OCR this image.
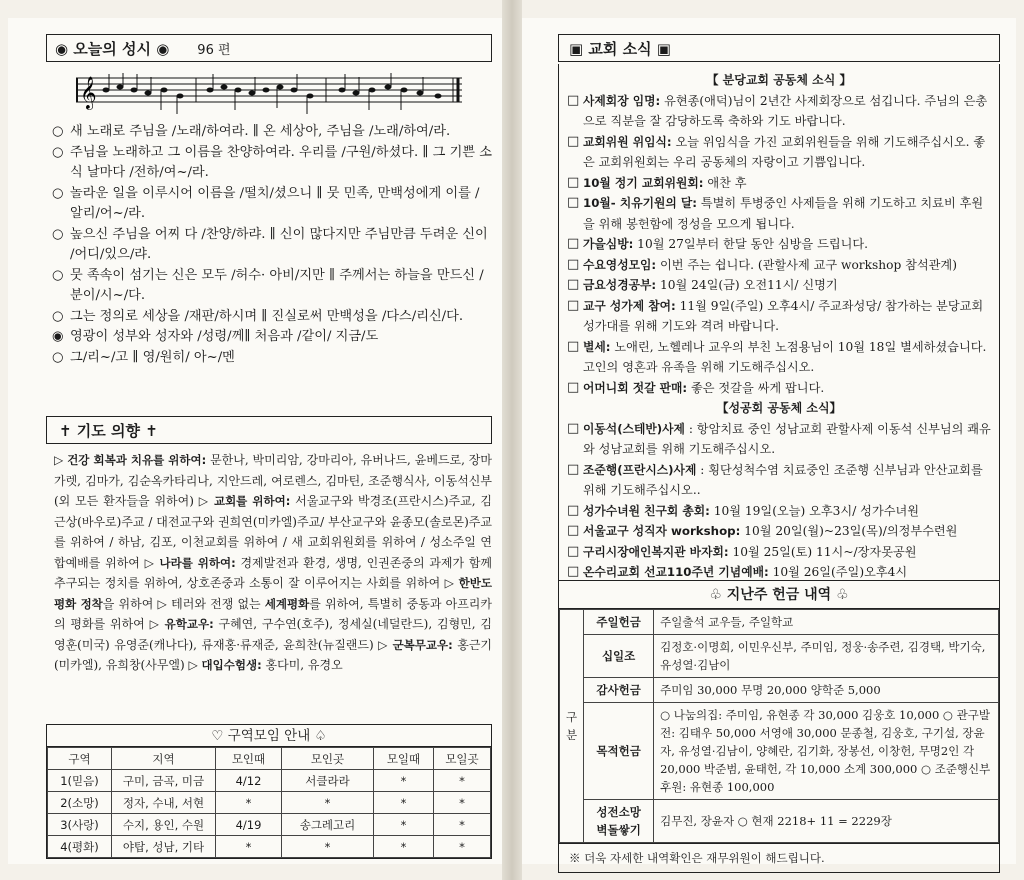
◉ 오늘의 성시 ◉ 96 편
𝄞
○ 새 노래로 주님을 /노래/하여라. ∥ 온 세상아, 주님을 /노래/하여/라.
○ 주님을 노래하고 그 이름을 찬양하여라. 우리를 /구원/하셨다. ∥ 그 기쁜 소식 날마다 /전하/여~/라.
○ 놀라운 일을 이루시어 이름을 /떨치/셨으니 ∥ 뭇 민족, 만백성에게 이를 /알리/어~/라.
○ 높으신 주님을 어찌 다 /찬양/하랴. ∥ 신이 많다지만 주님만큼 두려운 신이 /어디/있으/랴.
○ 뭇 족속이 섬기는 신은 모두 /허수· 아비/지만 ∥ 주께서는 하늘을 만드신 /분이/시~/다.
○ 그는 정의로 세상을 /재판/하시며 ∥ 진실로써 만백성을 /다스/리신/다.
◉ 영광이 성부와 성자와 /성령/께∥ 처음과 /같이/ 지금/도
○ 그/리~/고 ∥ 영/원히/ 아~/멘
✝ 기도 의향 ✝
▷ 건강 회복과 치유를 위하여: 문한나, 박미리암, 강마리아, 유버나드, 윤베드로, 장마가렛, 김마가, 김순옥카타리나, 지안드레, 여로렌스, 김마틴, 조준행식사, 이동석신부 (외 모든 환자들을 위하여) ▷ 교회를 위하여: 서울교구와 박경조(프란시스)주교, 김근상(바우로)주교 / 대전교구와 권희연(미카엘)주교/ 부산교구와 윤종모(솔로몬)주교를 위하여 / 하남, 김포, 이천교회를 위하여 / 새 교회위원회를 위하여 / 성소주일 연합예배를 위하여 ▷ 나라를 위하여: 경제발전과 환경, 생명, 인권존중의 과제가 함께 추구되는 정치를 위하여, 상호존중과 소통이 잘 이루어지는 사회를 위하여 ▷ 한반도 평화 정착을 위하여 ▷ 테러와 전쟁 없는 세계평화를 위하여, 특별히 중동과 아프리카의 평화를 위하여 ▷ 유학교우: 구혜연, 구수연(호주), 정세실(네덜란드), 김형민, 김영훈(미국) 유영준(캐나다), 류재홍·류재준, 윤희찬(뉴질랜드) ▷ 군복무교우: 홍근기(미카엘), 유희창(사무엘) ▷ 대입수험생: 홍다미, 유경오
♡ 구역모임 안내 ♤
구역	지역	모인때	모인곳	모일때	모일곳
1(믿음)	구미, 금곡, 미금	4/12	서클라라	*	*
2(소망)	정자, 수내, 서현	*	*	*	*
3(사랑)	수지, 용인, 수원	4/19	송그레고리	*	*
4(평화)	야탑, 성남, 기타	*	*	*	*
▣ 교회 소식 ▣
【 분당교회 공동체 소식 】
□ 사제회장 임명: 유현종(애덕)님이 2년간 사제회장으로 섬깁니다. 주님의 은총으로 직분을 잘 감당하도록 축하와 기도 바랍니다.
□ 교회위원 위임식: 오늘 위임식을 가진 교회위원들을 위해 기도해주십시오. 좋은 교회위원회는 우리 공동체의 자랑이고 기쁨입니다.
□ 10월 정기 교회위원회: 애찬 후
□ 10월- 치유기원의 달: 특별히 투병중인 사제들을 위해 기도하고 치료비 후원을 위해 봉헌함에 정성을 모으게 됩니다.
□ 가을심방: 10월 27일부터 한달 동안 심방을 드립니다.
□ 수요영성모임: 이번 주는 쉽니다. (관할사제 교구 workshop 참석관계)
□ 금요성경공부: 10월 24일(금) 오전11시/ 신명기
□ 교구 성가제 참여: 11월 9일(주일) 오후4시/ 주교좌성당/ 참가하는 분당교회성가대를 위해 기도와 격려 바랍니다.
□ 별세: 노애린, 노헬레나 교우의 부친 노점용님이 10월 18일 별세하셨습니다. 고인의 영혼과 유족을 위해 기도해주십시오.
□ 어머니회 젓갈 판매: 좋은 젓갈을 싸게 팝니다.
【성공회 공동체 소식】
□ 이동석(스테반)사제 : 항암치료 중인 성남교회 관할사제 이동석 신부님의 쾌유와 성남교회를 위해 기도해주십시오.
□ 조준행(프란시스)사제 : 횡단성척수염 치료중인 조준행 신부님과 안산교회를 위해 기도해주십시오..
□ 성가수녀원 친구회 총회: 10월 19일(오늘) 오후3시/ 성가수녀원
□ 서울교구 성직자 workshop: 10월 20일(월)~23일(목)/의정부수련원
□ 구리시장애인복지관 바자회: 10월 25일(토) 11시~/장자못공원
□ 온수리교회 선교110주년 기념예배: 10월 26일(주일)오후4시
♧ 지난주 헌금 내역 ♧
구분	주일헌금	주일출석 교우들, 주일학교
	십일조	김정호·이명희, 이민우신부, 주미임, 정웅·송주련, 김경택, 박기숙, 유성열·김남이
	감사헌금	주미임 30,000 무명 20,000 양학준 5,000
	목적헌금	○ 나눔의집: 주미임, 유현종 각 30,000 김웅호 10,000 ○ 관구발전: 김태우 50,000 서영애 30,000 문종철, 김웅호, 구기설, 장윤자, 유성열·김남이, 양혜란, 김기화, 장봉선, 이창헌, 무명2인 각 20,000 박준범, 윤태헌, 각 10,000 소계 300,000 ○ 조준행신부후원: 유현종 100,000
	성전소망 벽돌쌓기	김무진, 장윤자 ○ 현재 2218+ 11 = 2229장
※ 더욱 자세한 내역확인은 재무위원이 해드립니다.
